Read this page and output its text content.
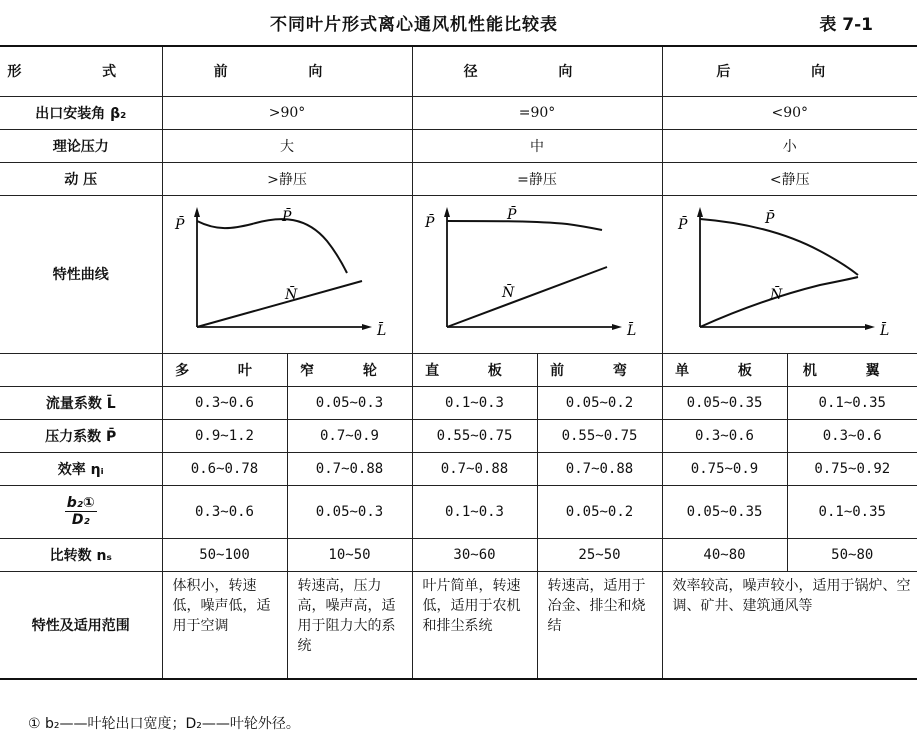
不同叶片形式离心通风机性能比较表	表 7-1
形 式	前 向		径 向		后 向	
出口安装角 β₂	>90°		=90°		<90°	
理论压力	大		中		小	
动 压	>静压		=静压		<静压	
特性曲线	P̄ P̄
N̄
L̄		P̄ P̄
N̄
L̄		P̄ P̄
N̄
L̄	

	多 叶	窄 轮	直 板	前 弯	单 板	机 翼
流量系数 L̄	0.3~0.6	0.05~0.3	0.1~0.3	0.05~0.2	0.05~0.35	0.1~0.35
压力系数 P̄	0.9~1.2	0.7~0.9	0.55~0.75	0.55~0.75	0.3~0.6	0.3~0.6
效率 ηᵢ	0.6~0.78	0.7~0.88	0.7~0.88	0.7~0.88	0.75~0.9	0.75~0.92

$\frac{\text{b₂①}}{\text{D₂}}$	0.3~0.6	0.05~0.3	0.1~0.3	0.05~0.2	0.05~0.35	0.1~0.35
比转数 nₛ	50~100	10~50	30~60	25~50	40~80	50~80
特性及适用范围	体积小，转速低，噪声低，适用于空调	转速高，压力高，噪声高，适用于阻力大的系统	叶片简单，转速低，适用于农机和排尘系统	转速高，适用于冶金、排尘和烧结	效率较高，噪声较小，适用于锅炉、空调、矿井、建筑通风等	
① b₂——叶轮出口宽度；D₂——叶轮外径。
